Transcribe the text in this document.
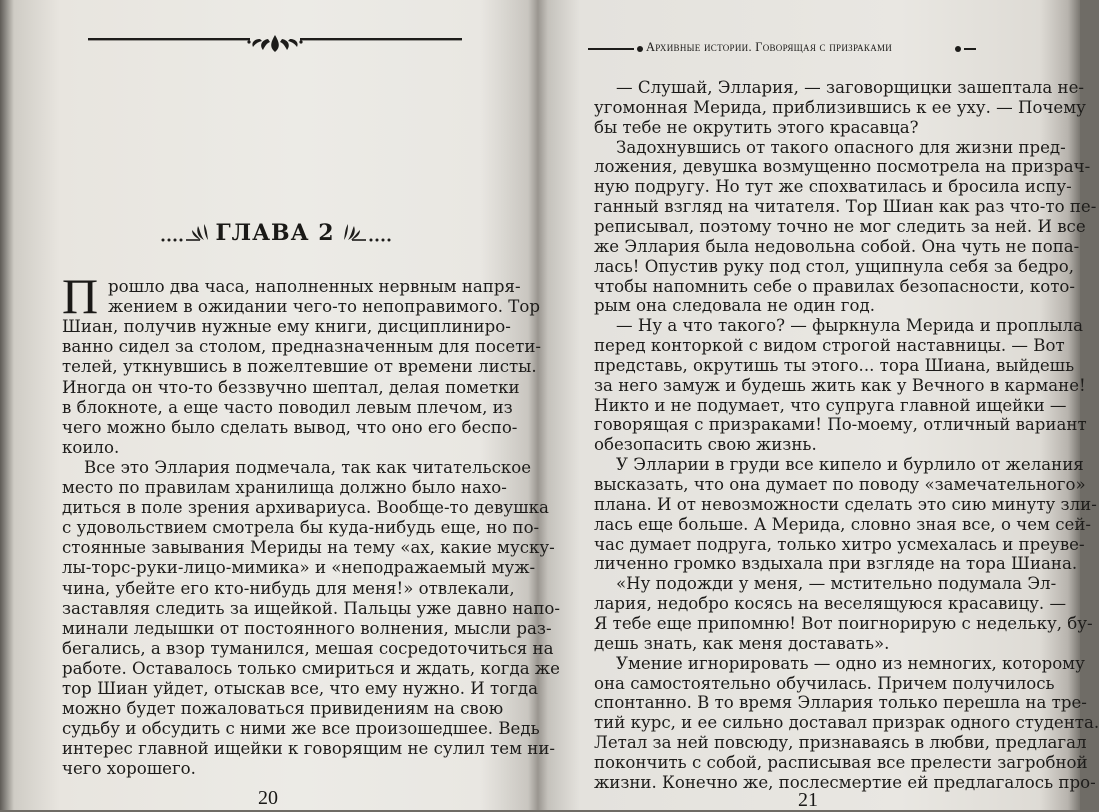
ГЛАВА 2
П рошло два часа, наполненных нервным напря-

жением в ожидании чего-то непоправимого. Тор

Шиан, получив нужные ему книги, дисциплиниро-

ванно сидел за столом, предназначенным для посети-

телей, уткнувшись в пожелтевшие от времени листы.

Иногда он что-то беззвучно шептал, делая пометки

в блокноте, а еще часто поводил левым плечом, из

чего можно было сделать вывод, что оно его беспо-

коило.

Все это Эллария подмечала, так как читательское

место по правилам хранилища должно было нахо-

диться в поле зрения архивариуса. Вообще-то девушка

с удовольствием смотрела бы куда-нибудь еще, но по-

стоянные завывания Мериды на тему «ах, какие муску-

лы-торс-руки-лицо-мимика» и «неподражаемый муж-

чина, убейте его кто-нибудь для меня!» отвлекали,

заставляя следить за ищейкой. Пальцы уже давно напо-

минали ледышки от постоянного волнения, мысли раз-

бегались, а взор туманился, мешая сосредоточиться на

работе. Оставалось только смириться и ждать, когда же

тор Шиан уйдет, отыскав все, что ему нужно. И тогда

можно будет пожаловаться привидениям на свою

судьбу и обсудить с ними же все произошедшее. Ведь

интерес главной ищейки к говорящим не сулил тем ни-

чего хорошего.

20
Архивные истории. Говорящая с призраками

— Слушай, Эллария, — заговорщицки зашептала не-

угомонная Мерида, приблизившись к ее уху. — Почему

бы тебе не окрутить этого красавца?

Задохнувшись от такого опасного для жизни пред-

ложения, девушка возмущенно посмотрела на призрач-

ную подругу. Но тут же спохватилась и бросила испу-

ганный взгляд на читателя. Тор Шиан как раз что-то пе-

реписывал, поэтому точно не мог следить за ней. И все

же Эллария была недовольна собой. Она чуть не попа-

лась! Опустив руку под стол, ущипнула себя за бедро,

чтобы напомнить себе о правилах безопасности, кото-

рым она следовала не один год.

— Ну а что такого? — фыркнула Мерида и проплыла

перед конторкой с видом строгой наставницы. — Вот

представь, окрутишь ты этого... тора Шиана, выйдешь

за него замуж и будешь жить как у Вечного в кармане!

Никто и не подумает, что супруга главной ищейки —

говорящая с призраками! По-моему, отличный вариант

обезопасить свою жизнь.

У Элларии в груди все кипело и бурлило от желания

высказать, что она думает по поводу «замечательного»

плана. И от невозможности сделать это сию минуту зли-

лась еще больше. А Мерида, словно зная все, о чем сей-

час думает подруга, только хитро усмехалась и преуве-

личенно громко вздыхала при взгляде на тора Шиана.

«Ну подожди у меня, — мстительно подумала Эл-

лария, недобро косясь на веселящуюся красавицу. —

Я тебе еще припомню! Вот поигнорирую с недельку, бу-

дешь знать, как меня доставать».

Умение игнорировать — одно из немногих, которому

она самостоятельно обучилась. Причем получилось

спонтанно. В то время Эллария только перешла на тре-

тий курс, и ее сильно доставал призрак одного студента.

Летал за ней повсюду, признаваясь в любви, предлагал

покончить с собой, расписывая все прелести загробной

жизни. Конечно же, послесмертие ей предлагалось про-

21
